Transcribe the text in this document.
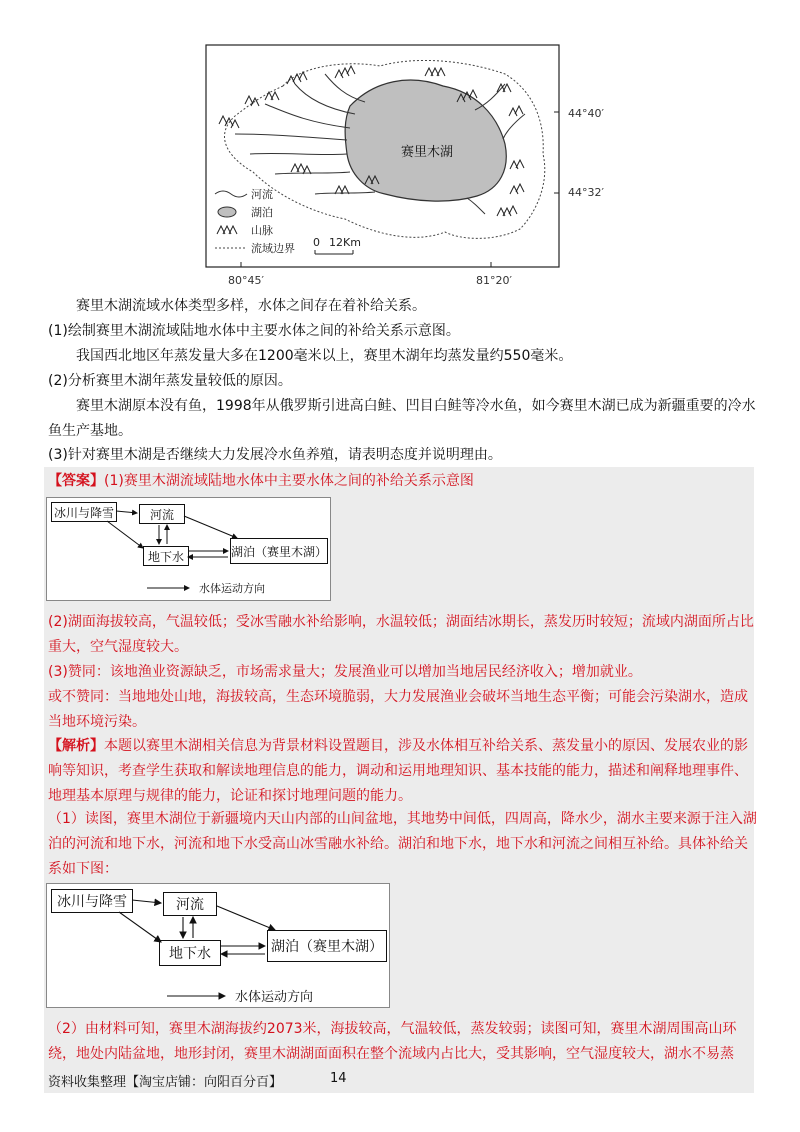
赛里木湖
河流
湖泊
山脉
流域边界 0 12Km
44°40′
44°32′
80°45′	81°20′
赛里木湖流域水体类型多样，水体之间存在着补给关系。
(1)绘制赛里木湖流域陆地水体中主要水体之间的补给关系示意图。
我国西北地区年蒸发量大多在1200毫米以上，赛里木湖年均蒸发量约550毫米。
(2)分析赛里木湖年蒸发量较低的原因。
赛里木湖原本没有鱼，1998年从俄罗斯引进高白鲑、凹目白鲑等冷水鱼，如今赛里木湖已成为新疆重要的冷水鱼生产基地。
(3)针对赛里木湖是否继续大力发展冷水鱼养殖，请表明态度并说明理由。
【答案】(1)赛里木湖流域陆地水体中主要水体之间的补给关系示意图
冰川与降雪	河流
地下水	湖泊（赛里木湖）
水体运动方向
(2)湖面海拔较高，气温较低；受冰雪融水补给影响，水温较低；湖面结冰期长，蒸发历时较短；流域内湖面所占比重大，空气湿度较大。
(3)赞同：该地渔业资源缺乏，市场需求量大；发展渔业可以增加当地居民经济收入；增加就业。
或不赞同：当地地处山地，海拔较高，生态环境脆弱，大力发展渔业会破坏当地生态平衡；可能会污染湖水，造成当地环境污染。
【解析】本题以赛里木湖相关信息为背景材料设置题目，涉及水体相互补给关系、蒸发量小的原因、发展农业的影响等知识，考查学生获取和解读地理信息的能力，调动和运用地理知识、基本技能的能力，描述和阐释地理事件、地理基本原理与规律的能力，论证和探讨地理问题的能力。
（1）读图，赛里木湖位于新疆境内天山内部的山间盆地，其地势中间低，四周高，降水少，湖水主要来源于注入湖泊的河流和地下水，河流和地下水受高山冰雪融水补给。湖泊和地下水，地下水和河流之间相互补给。具体补给关系如下图：
冰川与降雪	河流
地下水	湖泊（赛里木湖）
水体运动方向
（2）由材料可知，赛里木湖海拔约2073米，海拔较高，气温较低，蒸发较弱；读图可知，赛里木湖周围高山环绕，地处内陆盆地，地形封闭，赛里木湖湖面面积在整个流域内占比大，受其影响，空气湿度较大，湖水不易蒸
资料收集整理【淘宝店铺：向阳百分百】	14
